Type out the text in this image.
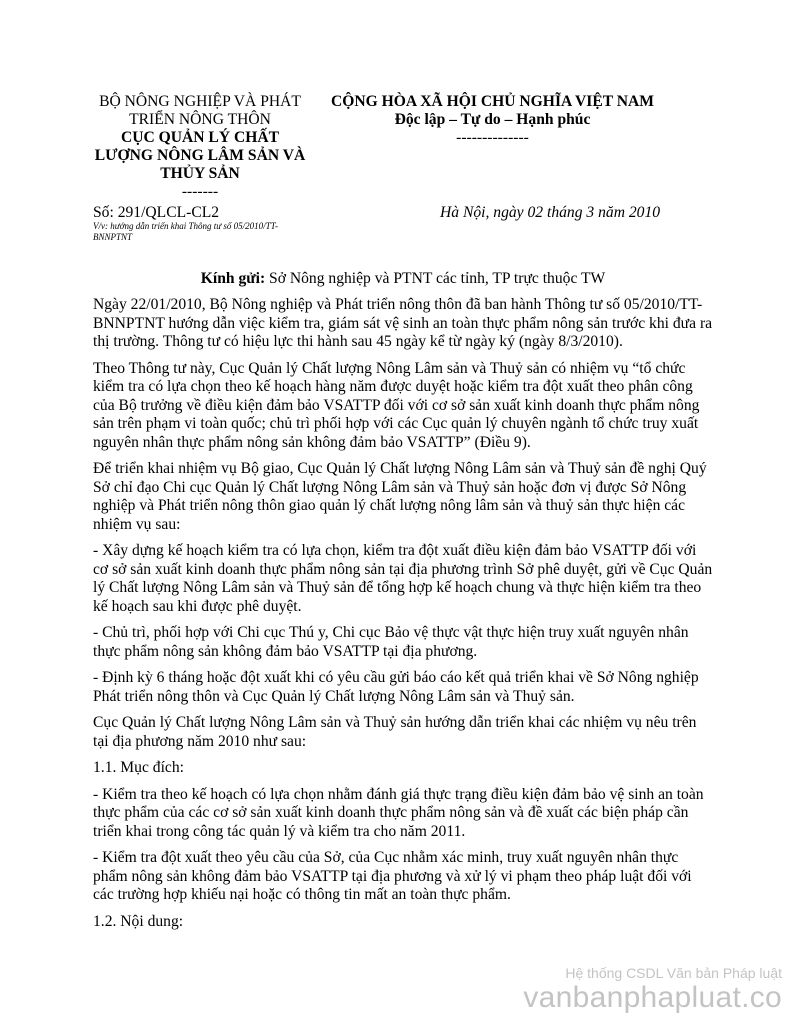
BỘ NÔNG NGHIỆP VÀ PHÁT
TRIỂN NÔNG THÔN
CỤC QUẢN LÝ CHẤT
LƯỢNG NÔNG LÂM SẢN VÀ
THỦY SẢN
-------
CỘNG HÒA XÃ HỘI CHỦ NGHĨA VIỆT NAM
Độc lập – Tự do – Hạnh phúc
--------------
Số: 291/QLCL-CL2
V/v: hướng dẫn triển khai Thông tư số 05/2010/TT-
BNNPTNT
Hà Nội, ngày 02 tháng 3 năm 2010
Kính gửi: Sở Nông nghiệp và PTNT các tỉnh, TP trực thuộc TW

Ngày 22/01/2010, Bộ Nông nghiệp và Phát triển nông thôn đã ban hành Thông tư số 05/2010/TT-BNNPTNT hướng dẫn việc kiểm tra, giám sát vệ sinh an toàn thực phẩm nông sản trước khi đưa ra thị trường. Thông tư có hiệu lực thi hành sau 45 ngày kể từ ngày ký (ngày 8/3/2010).

Theo Thông tư này, Cục Quản lý Chất lượng Nông Lâm sản và Thuỷ sản có nhiệm vụ “tổ chức kiểm tra có lựa chọn theo kế hoạch hàng năm được duyệt hoặc kiểm tra đột xuất theo phân công của Bộ trưởng về điều kiện đảm bảo VSATTP đối với cơ sở sản xuất kinh doanh thực phẩm nông sản trên phạm vi toàn quốc; chủ trì phối hợp với các Cục quản lý chuyên ngành tổ chức truy xuất nguyên nhân thực phẩm nông sản không đảm bảo VSATTP” (Điều 9).

Để triển khai nhiệm vụ Bộ giao, Cục Quản lý Chất lượng Nông Lâm sản và Thuỷ sản đề nghị Quý Sở chỉ đạo Chi cục Quản lý Chất lượng Nông Lâm sản và Thuỷ sản hoặc đơn vị được Sở Nông nghiệp và Phát triển nông thôn giao quản lý chất lượng nông lâm sản và thuỷ sản thực hiện các nhiệm vụ sau:

- Xây dựng kế hoạch kiểm tra có lựa chọn, kiểm tra đột xuất điều kiện đảm bảo VSATTP đối với cơ sở sản xuất kinh doanh thực phẩm nông sản tại địa phương trình Sở phê duyệt, gửi về Cục Quản lý Chất lượng Nông Lâm sản và Thuỷ sản để tổng hợp kế hoạch chung và thực hiện kiểm tra theo kế hoạch sau khi được phê duyệt.

- Chủ trì, phối hợp với Chi cục Thú y, Chi cục Bảo vệ thực vật thực hiện truy xuất nguyên nhân thực phẩm nông sản không đảm bảo VSATTP tại địa phương.

- Định kỳ 6 tháng hoặc đột xuất khi có yêu cầu gửi báo cáo kết quả triển khai về Sở Nông nghiệp Phát triển nông thôn và Cục Quản lý Chất lượng Nông Lâm sản và Thuỷ sản.

Cục Quản lý Chất lượng Nông Lâm sản và Thuỷ sản hướng dẫn triển khai các nhiệm vụ nêu trên tại địa phương năm 2010 như sau:

1.1. Mục đích:

- Kiểm tra theo kế hoạch có lựa chọn nhằm đánh giá thực trạng điều kiện đảm bảo vệ sinh an toàn thực phẩm của các cơ sở sản xuất kinh doanh thực phẩm nông sản và đề xuất các biện pháp cần triển khai trong công tác quản lý và kiểm tra cho năm 2011.

- Kiểm tra đột xuất theo yêu cầu của Sở, của Cục nhằm xác minh, truy xuất nguyên nhân thực phẩm nông sản không đảm bảo VSATTP tại địa phương và xử lý vi phạm theo pháp luật đối với các trường hợp khiếu nại hoặc có thông tin mất an toàn thực phẩm.

1.2. Nội dung:

Hệ thống CSDL Văn bản Pháp luật
vanbanphapluat.co
